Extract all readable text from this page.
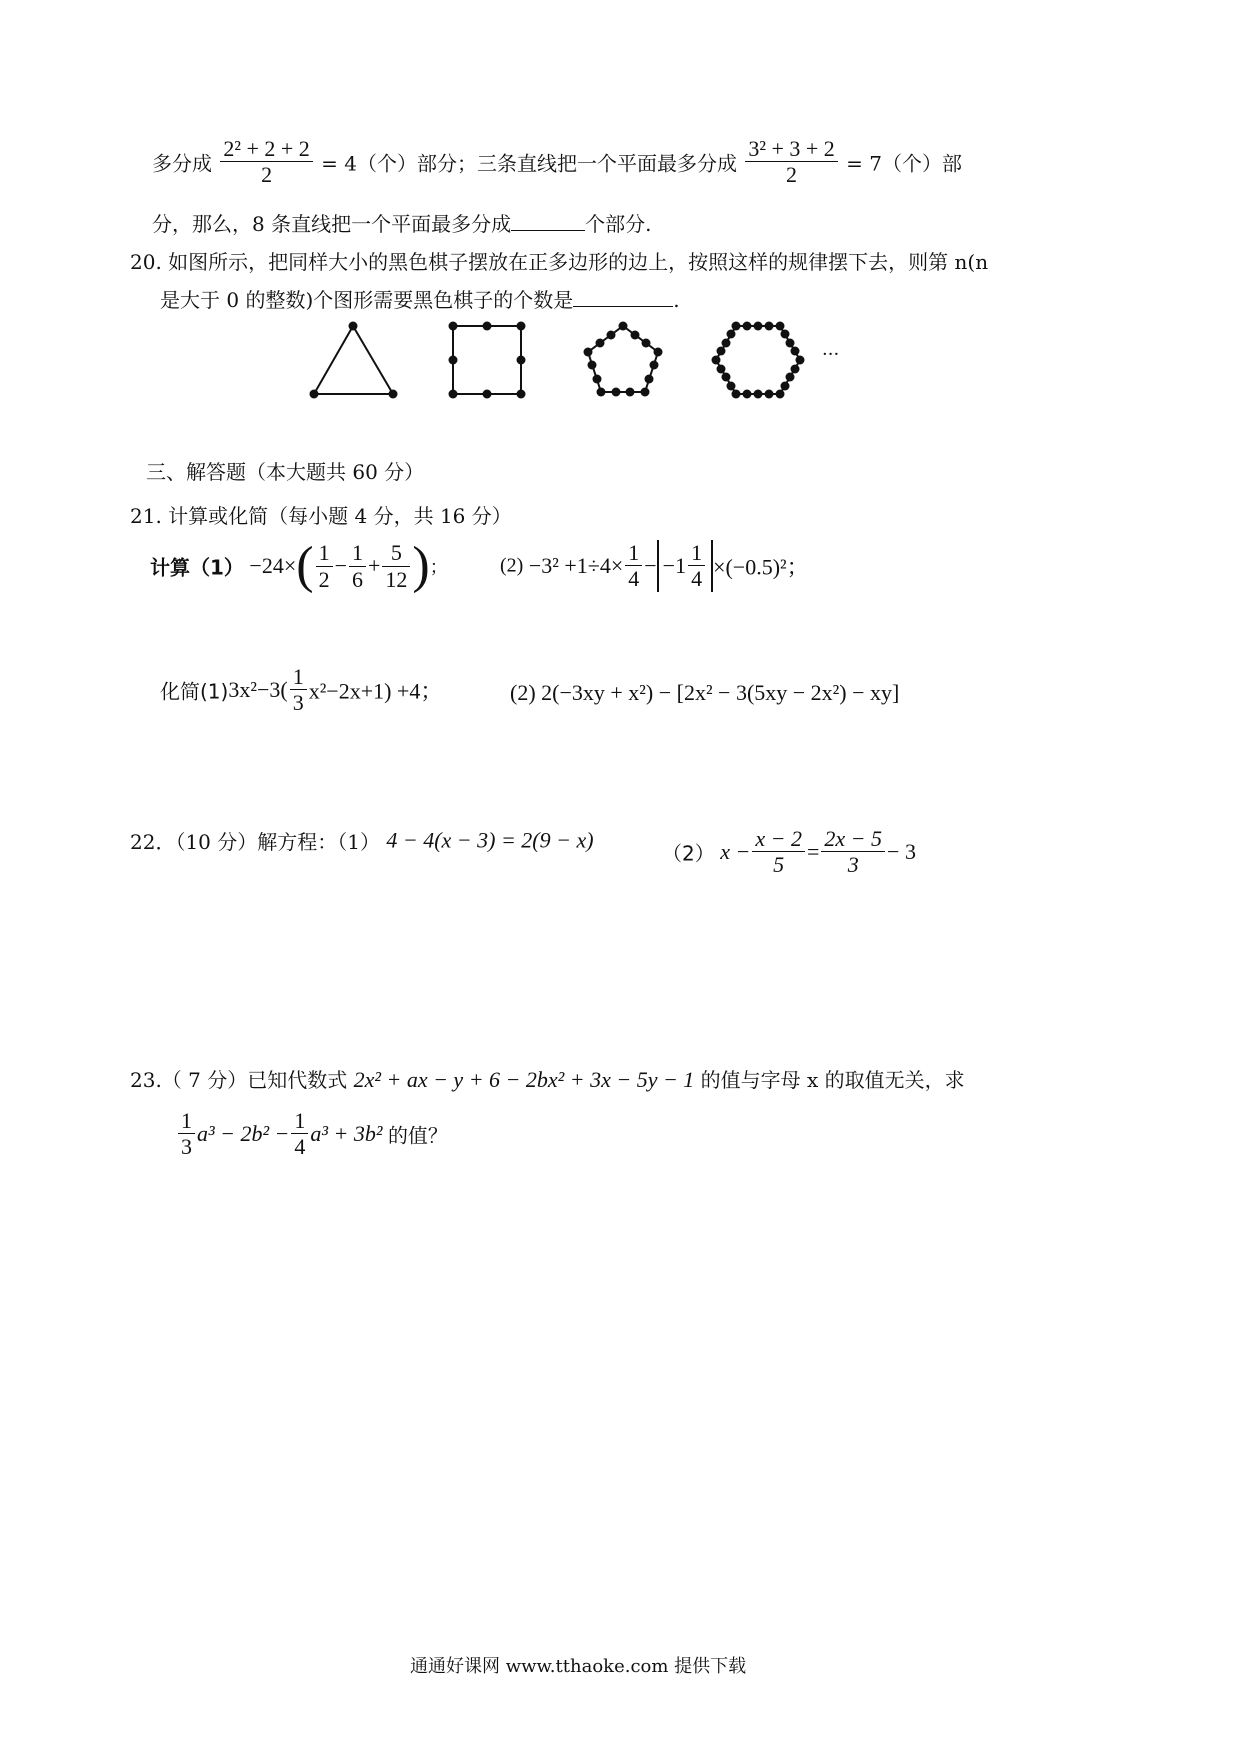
多分成 $\frac{\text{2² + 2 + 2}}{2} = 4$（个）部分；三条直线把一个平面最多分成 $\frac{\text{3² + 3 + 2}}{2} = 7$（个）部
分，那么，8 条直线把一个平面最多分成	个部分.
20. 如图所示，把同样大小的黑色棋子摆放在正多边形的边上，按照这样的规律摆下去，则第 n(n
是大于 0 的整数)个图形需要黑色棋子的个数是	.
···
三、解答题（本大题共 60 分）
21. 计算或化简（每小题 4 分，共 16 分）
计算$(1) -24\times( \frac{1}{2} - \frac{1}{6} + \frac{5}{12}$ )；	$(2) -3^2 +1\div 4\times \frac{1}{4} - -1 \frac{1}{4} \times(-0.5)^2$；
化简$(1)3x^2-3( \frac{1}{3} x^2-2x+1) +4$；	(2) 2(−3xy + x²) − [2x² − 3(5xy − 2x²) − xy]
22．（10 分）解方程：（1） 4 − 4(x − 3) = 2(9 − x)
（2） $x - \frac{x - 2}{5} = \frac{2x - 5}{3} - 3$
23.（ 7 分）已知代数式 2x² + ax − y + 6 − 2bx² + 3x − 5y − 1 的值与字母 x 的取值无关，求
$\frac{1}{3} a^3 - 2b^2 - \frac{1}{4} a^3 + 3b^2$ 的值？
通通好课网 www.tthaoke.com 提供下载
